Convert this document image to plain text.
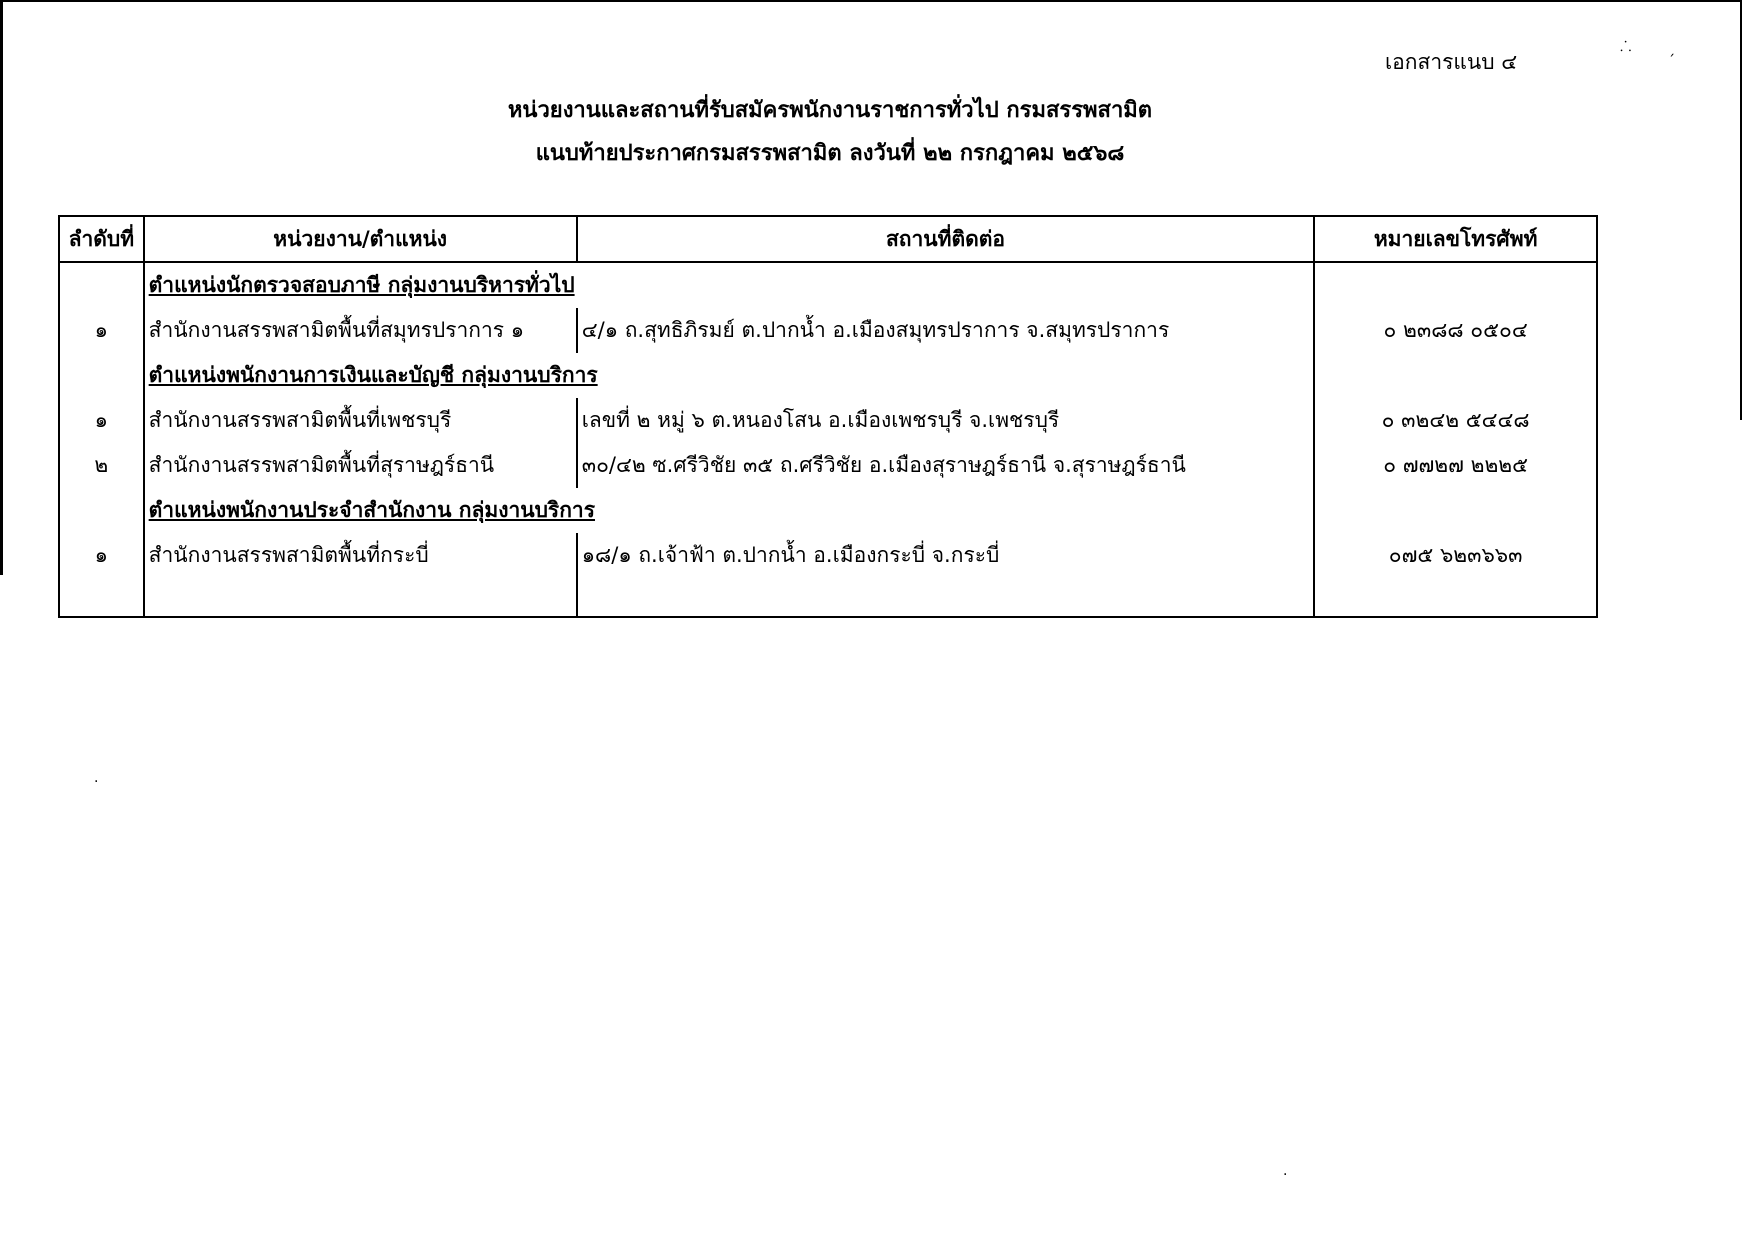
⸫	ˏ
เอกสารแนบ ๔
หน่วยงานและสถานที่รับสมัครพนักงานราชการทั่วไป กรมสรรพสามิต
แนบท้ายประกาศกรมสรรพสามิต ลงวันที่ ๒๒ กรกฎาคม ๒๕๖๘
ลำดับที่	หน่วยงาน/ตำแหน่ง	สถานที่ติดต่อ	หมายเลขโทรศัพท์
	ตำแหน่งนักตรวจสอบภาษี กลุ่มงานบริหารทั่วไป		
๑	สำนักงานสรรพสามิตพื้นที่สมุทรปราการ ๑	๔/๑ ถ.สุทธิภิรมย์ ต.ปากน้ำ อ.เมืองสมุทรปราการ จ.สมุทรปราการ	๐ ๒๓๘๘ ๐๕๐๔
	ตำแหน่งพนักงานการเงินและบัญชี กลุ่มงานบริการ		
๑	สำนักงานสรรพสามิตพื้นที่เพชรบุรี	เลขที่ ๒ หมู่ ๖ ต.หนองโสน อ.เมืองเพชรบุรี จ.เพชรบุรี	๐ ๓๒๔๒ ๕๔๔๘
๒	สำนักงานสรรพสามิตพื้นที่สุราษฎร์ธานี	๓๐/๔๒ ซ.ศรีวิชัย ๓๕ ถ.ศรีวิชัย อ.เมืองสุราษฎร์ธานี จ.สุราษฎร์ธานี	๐ ๗๗๒๗ ๒๒๒๕
	ตำแหน่งพนักงานประจำสำนักงาน กลุ่มงานบริการ		
๑	สำนักงานสรรพสามิตพื้นที่กระบี่	๑๘/๑ ถ.เจ้าฟ้า ต.ปากน้ำ อ.เมืองกระบี่ จ.กระบี่	๐๗๕ ๖๒๓๖๖๓

·
·
